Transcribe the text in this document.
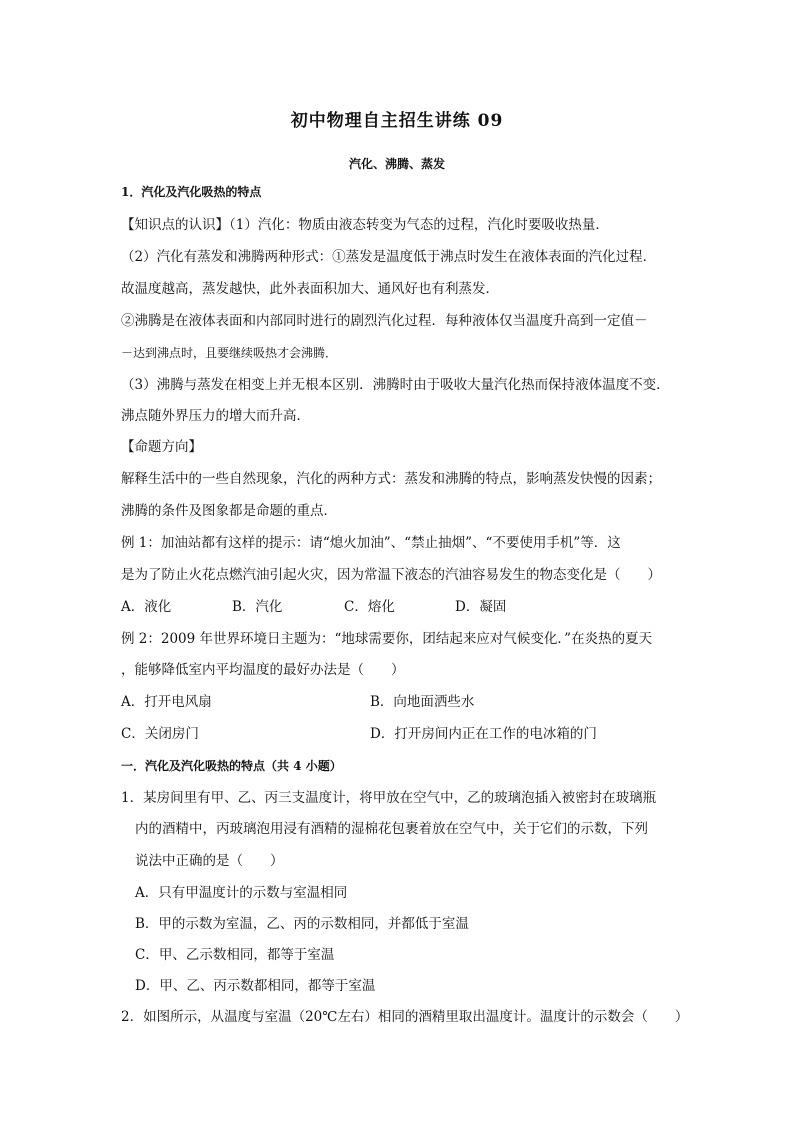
初中物理自主招生讲练 09
汽化、沸腾、蒸发
1．汽化及汽化吸热的特点
【知识点的认识】（1）汽化：物质由液态转变为气态的过程，汽化时要吸收热量．
（2）汽化有蒸发和沸腾两种形式：①蒸发是温度低于沸点时发生在液体表面的汽化过程．
故温度越高，蒸发越快，此外表面积加大、通风好也有利蒸发．
②沸腾是在液体表面和内部同时进行的剧烈汽化过程．每种液体仅当温度升高到一定值－
－达到沸点时，且要继续吸热才会沸腾．
（3）沸腾与蒸发在相变上并无根本区别．沸腾时由于吸收大量汽化热而保持液体温度不变．
沸点随外界压力的增大而升高．
【命题方向】
解释生活中的一些自然现象，汽化的两种方式：蒸发和沸腾的特点，影响蒸发快慢的因素；
沸腾的条件及图象都是命题的重点．
例 1：加油站都有这样的提示：请“熄火加油”、“禁止抽烟”、“不要使用手机”等．这
是为了防止火花点燃汽油引起火灾，因为常温下液态的汽油容易发生的物态变化是（　　）
A．液化	B．汽化	C．熔化	D．凝固
例 2：2009 年世界环境日主题为：“地球需要你，团结起来应对气候变化．”在炎热的夏天
，能够降低室内平均温度的最好办法是（　　）
A．打开电风扇	B．向地面洒些水
C．关闭房门	D．打开房间内正在工作的电冰箱的门
一．汽化及汽化吸热的特点（共 4 小题）
1．某房间里有甲、乙、丙三支温度计，将甲放在空气中，乙的玻璃泡插入被密封在玻璃瓶
内的酒精中，丙玻璃泡用浸有酒精的湿棉花包裹着放在空气中，关于它们的示数，下列
说法中正确的是（　　）
A．只有甲温度计的示数与室温相同
B．甲的示数为室温，乙、丙的示数相同，并都低于室温
C．甲、乙示数相同，都等于室温
D．甲、乙、丙示数都相同，都等于室温
2．如图所示，从温度与室温（20℃左右）相同的酒精里取出温度计。温度计的示数会（　　）
